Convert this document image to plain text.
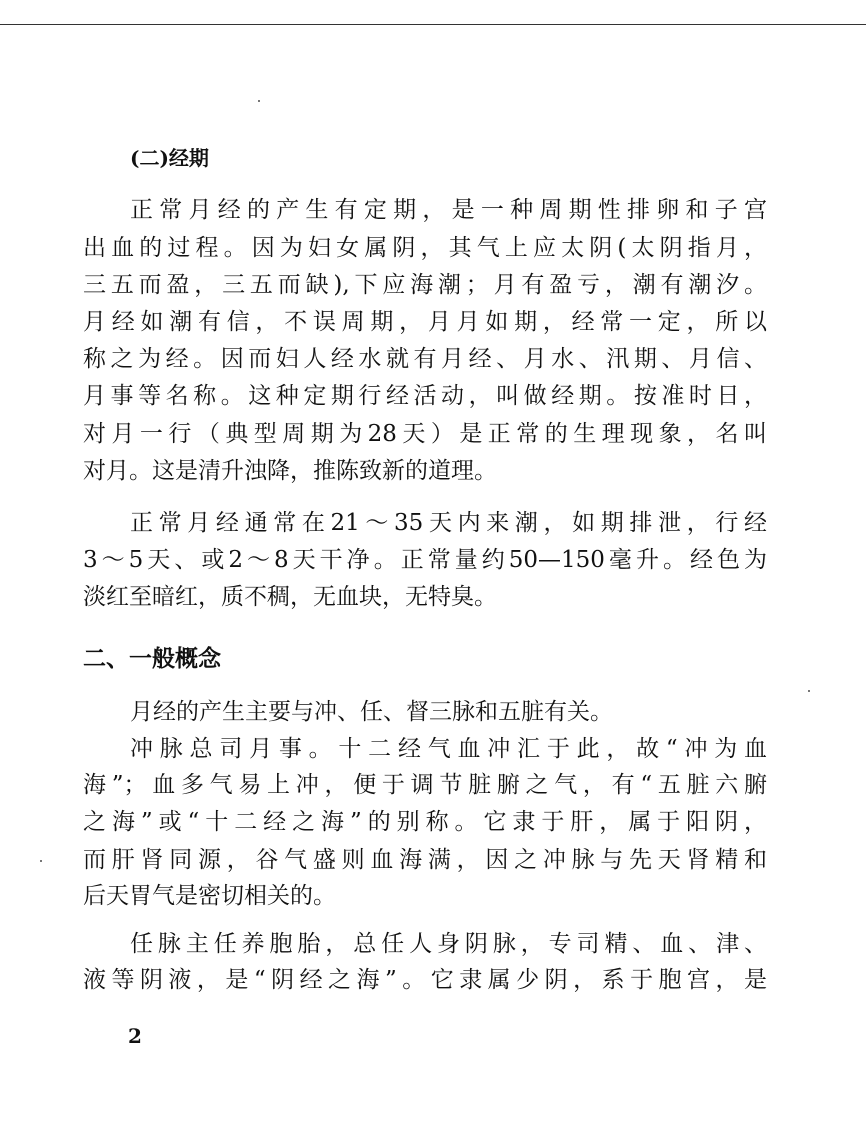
(二)经期
正常月经的产生有定期，是一种周期性排卵和子宫
出血的过程。因为妇女属阴，其气上应太阴(太阴指月，
三五而盈，三五而缺),下应海潮；月有盈亏，潮有潮汐。
月经如潮有信，不误周期，月月如期，经常一定，所以
称之为经。因而妇人经水就有月经、月水、汛期、月信、
月事等名称。这种定期行经活动，叫做经期。按准时日，
对月一行（典型周期为28天）是正常的生理现象，名叫
对月。这是清升浊降，推陈致新的道理。
正常月经通常在21～35天内来潮，如期排泄，行经
3～5天、或2～8天干净。正常量约50—150毫升。经色为
淡红至暗红，质不稠，无血块，无特臭。
二、一般概念
月经的产生主要与冲、任、督三脉和五脏有关。
冲脉总司月事。十二经气血冲汇于此，故“冲为血
海”；血多气易上冲，便于调节脏腑之气，有“五脏六腑
之海”或“十二经之海”的别称。它隶于肝，属于阳阴，
而肝肾同源，谷气盛则血海满，因之冲脉与先天肾精和
后天胃气是密切相关的。
任脉主任养胞胎，总任人身阴脉，专司精、血、津、
液等阴液，是“阴经之海”。它隶属少阴，系于胞宫，是
2
